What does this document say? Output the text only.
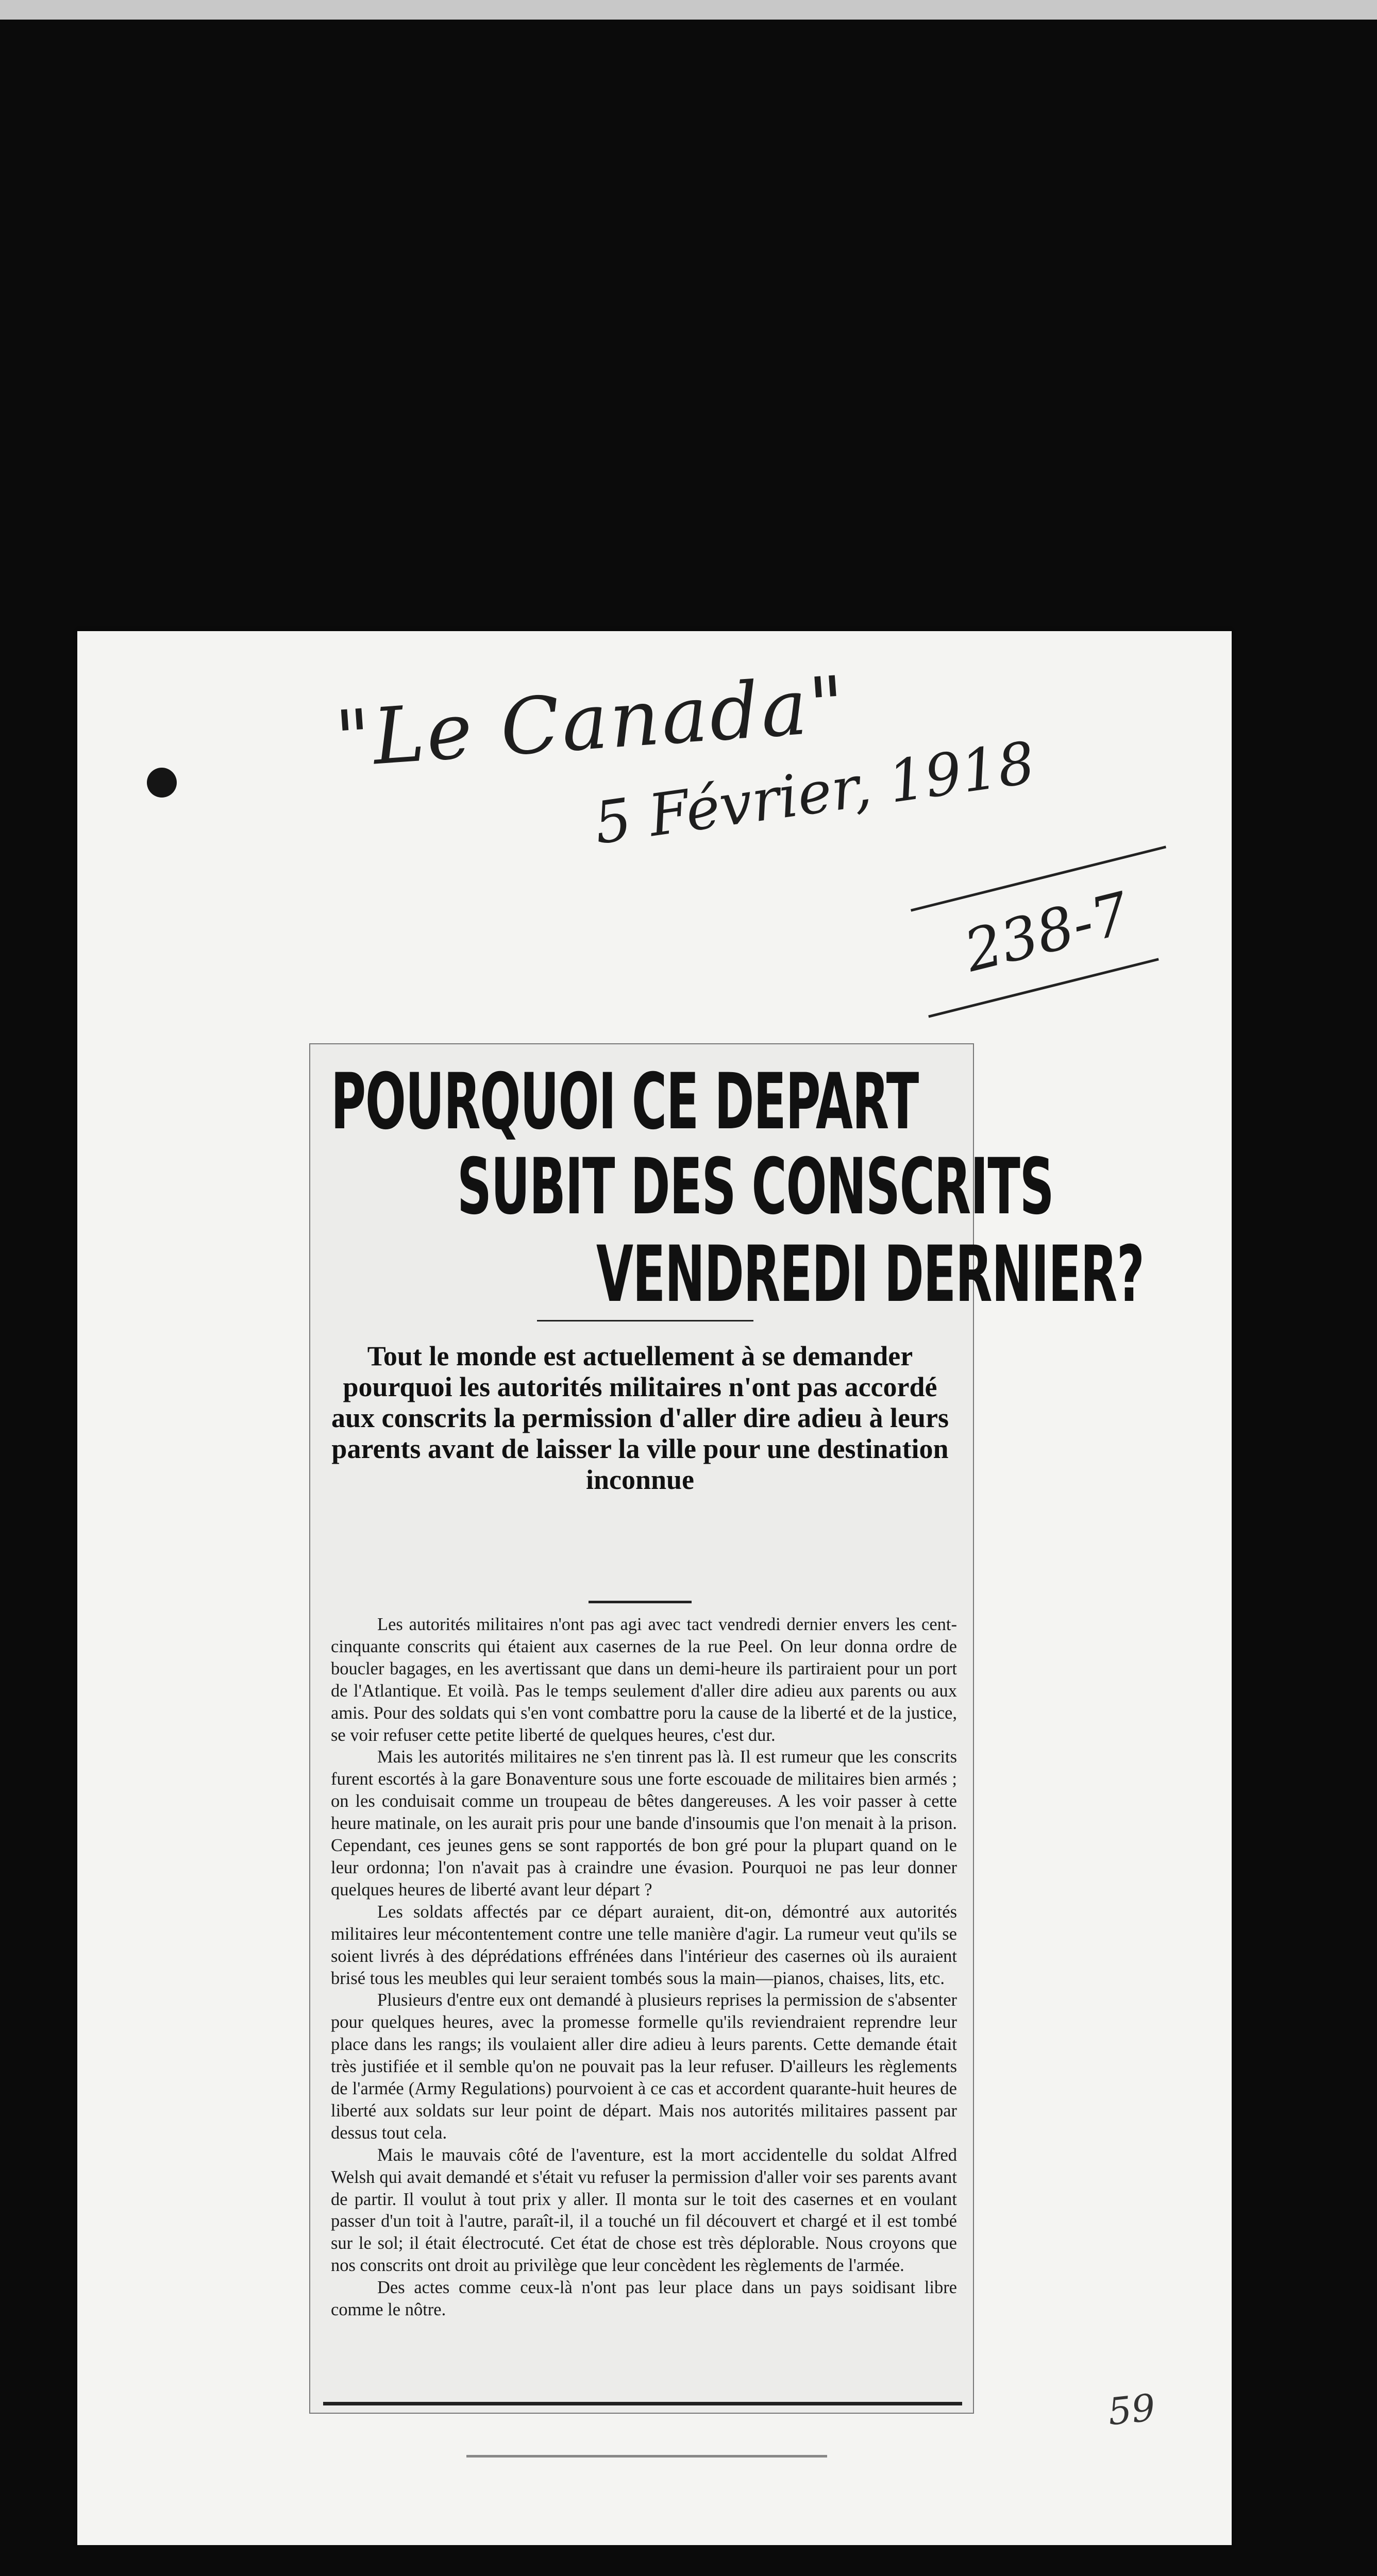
"Le Canada"
5 Février, 1918
238-7
POURQUOI CE DEPART
SUBIT DES CONSCRITS
VENDREDI DERNIER?
Tout le monde est actuellement à se demander pourquoi les autorités militaires n'ont pas accordé aux conscrits la permission d'aller dire adieu à leurs parents avant de laisser la ville pour une destination inconnue

Les autorités militaires n'ont pas agi avec tact vendredi dernier envers les cent-cinquante conscrits qui étaient aux casernes de la rue Peel. On leur donna ordre de boucler bagages, en les avertissant que dans un demi-heure ils partiraient pour un port de l'Atlantique. Et voilà. Pas le temps seulement d'aller dire adieu aux parents ou aux amis. Pour des soldats qui s'en vont combattre poru la cause de la liberté et de la justice, se voir refuser cette petite liberté de quelques heures, c'est dur.

Mais les autorités militaires ne s'en tinrent pas là. Il est rumeur que les conscrits furent escortés à la gare Bonaventure sous une forte escouade de militaires bien armés ; on les conduisait comme un troupeau de bêtes dangereuses. A les voir passer à cette heure matinale, on les aurait pris pour une bande d'insoumis que l'on menait à la prison. Cependant, ces jeunes gens se sont rapportés de bon gré pour la plupart quand on le leur ordonna; l'on n'avait pas à craindre une évasion. Pourquoi ne pas leur donner quelques heures de liberté avant leur départ ?

Les soldats affectés par ce départ auraient, dit-on, démontré aux autorités militaires leur mécontentement contre une telle manière d'agir. La rumeur veut qu'ils se soient livrés à des déprédations effrénées dans l'intérieur des casernes où ils auraient brisé tous les meubles qui leur seraient tombés sous la main—pianos, chaises, lits, etc.

Plusieurs d'entre eux ont demandé à plusieurs reprises la permission de s'absenter pour quelques heures, avec la promesse formelle qu'ils reviendraient reprendre leur place dans les rangs; ils voulaient aller dire adieu à leurs parents. Cette demande était très justifiée et il semble qu'on ne pouvait pas la leur refuser. D'ailleurs les règlements de l'armée (Army Regulations) pourvoient à ce cas et accordent quarante-huit heures de liberté aux soldats sur leur point de départ. Mais nos autorités militaires passent par dessus tout cela.

Mais le mauvais côté de l'aventure, est la mort accidentelle du soldat Alfred Welsh qui avait demandé et s'était vu refuser la permission d'aller voir ses parents avant de partir. Il voulut à tout prix y aller. Il monta sur le toit des casernes et en voulant passer d'un toit à l'autre, paraît-il, il a touché un fil découvert et chargé et il est tombé sur le sol; il était électrocuté. Cet état de chose est très déplorable. Nous croyons que nos conscrits ont droit au privilège que leur concèdent les règlements de l'armée.

Des actes comme ceux-là n'ont pas leur place dans un pays soidisant libre comme le nôtre.

59
